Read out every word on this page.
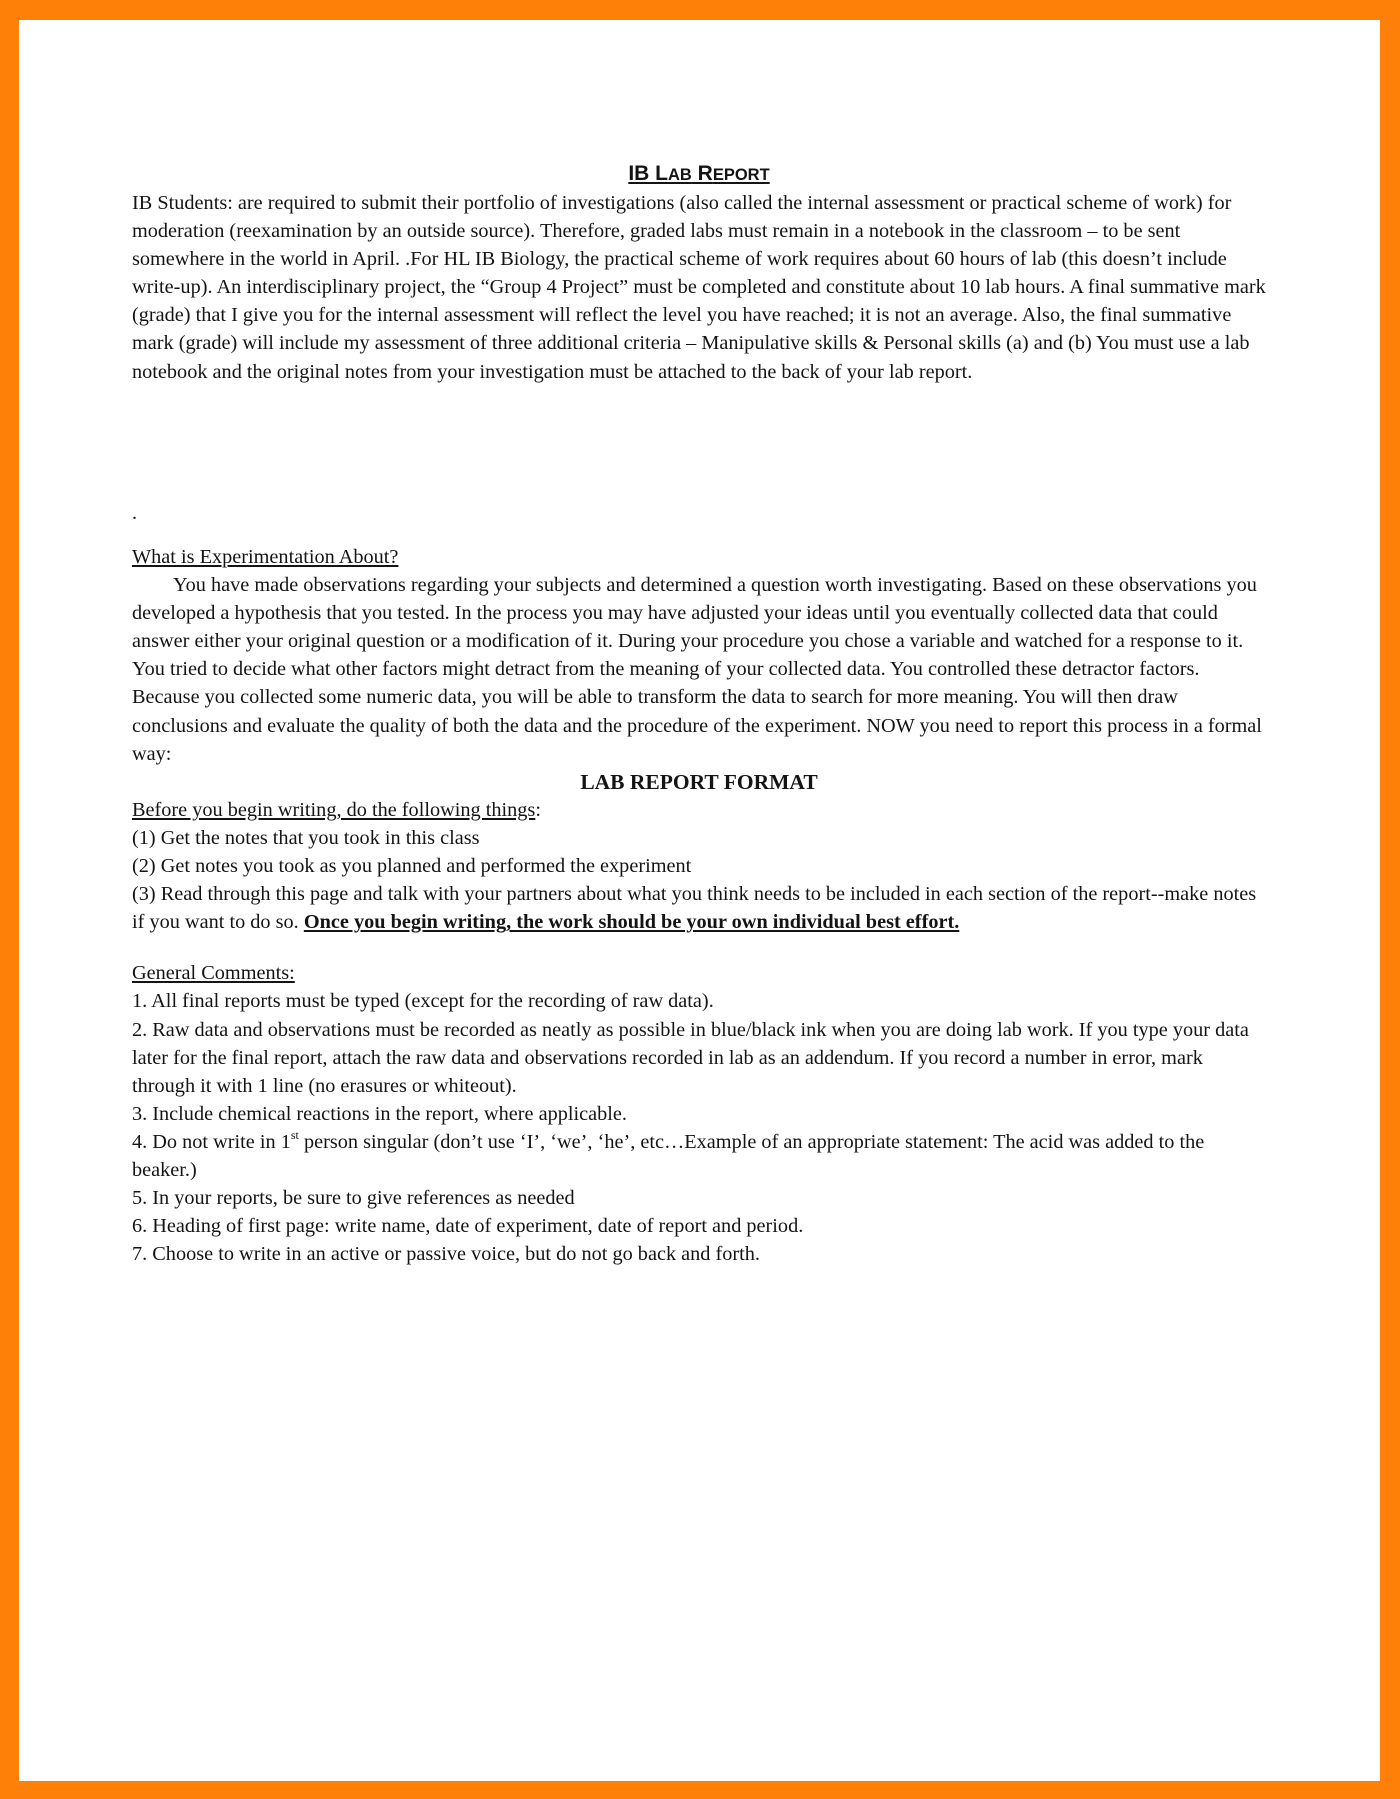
IB LAB REPORT

IB Students: are required to submit their portfolio of investigations (also called the internal assessment or practical scheme of work) for moderation (reexamination by an outside source). Therefore, graded labs must remain in a notebook in the classroom – to be sent somewhere in the world in April. .For HL IB Biology, the practical scheme of work requires about 60 hours of lab (this doesn’t include write-up). An interdisciplinary project, the “Group 4 Project” must be completed and constitute about 10 lab hours. A final summative mark (grade) that I give you for the internal assessment will reflect the level you have reached; it is not an average. Also, the final summative mark (grade) will include my assessment of three additional criteria – Manipulative skills & Personal skills (a) and (b) You must use a lab notebook and the original notes from your investigation must be attached to the back of your lab report.

.

What is Experimentation About?

You have made observations regarding your subjects and determined a question worth investigating. Based on these observations you developed a hypothesis that you tested. In the process you may have adjusted your ideas until you eventually collected data that could answer either your original question or a modification of it. During your procedure you chose a variable and watched for a response to it. You tried to decide what other factors might detract from the meaning of your collected data. You controlled these detractor factors. Because you collected some numeric data, you will be able to transform the data to search for more meaning. You will then draw conclusions and evaluate the quality of both the data and the procedure of the experiment. NOW you need to report this process in a formal way:

LAB REPORT FORMAT

Before you begin writing, do the following things:

(1) Get the notes that you took in this class

(2) Get notes you took as you planned and performed the experiment

(3) Read through this page and talk with your partners about what you think needs to be included in each section of the report--make notes if you want to do so. Once you begin writing, the work should be your own individual best effort.

General Comments:

1. All final reports must be typed (except for the recording of raw data).

2. Raw data and observations must be recorded as neatly as possible in blue/black ink when you are doing lab work. If you type your data later for the final report, attach the raw data and observations recorded in lab as an addendum. If you record a number in error, mark through it with 1 line (no erasures or whiteout).

3. Include chemical reactions in the report, where applicable.

4. Do not write in 1st person singular (don’t use ‘I’, ‘we’, ‘he’, etc…Example of an appropriate statement: The acid was added to the beaker.)

5. In your reports, be sure to give references as needed

6. Heading of first page: write name, date of experiment, date of report and period.

7. Choose to write in an active or passive voice, but do not go back and forth.
